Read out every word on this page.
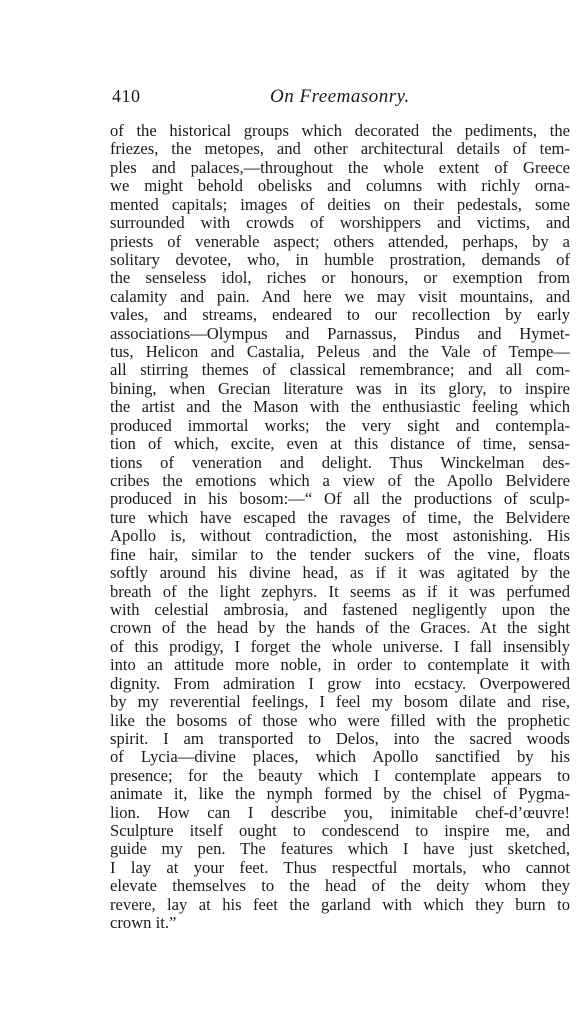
410	On Freemasonry.
of the historical groups which decorated the pediments, the
friezes, the metopes, and other architectural details of tem-
ples and palaces,—throughout the whole extent of Greece
we might behold obelisks and columns with richly orna-
mented capitals; images of deities on their pedestals, some
surrounded with crowds of worshippers and victims, and
priests of venerable aspect; others attended, perhaps, by a
solitary devotee, who, in humble prostration, demands of
the senseless idol, riches or honours, or exemption from
calamity and pain. And here we may visit mountains, and
vales, and streams, endeared to our recollection by early
associations—Olympus and Parnassus, Pindus and Hymet-
tus, Helicon and Castalia, Peleus and the Vale of Tempe—
all stirring themes of classical remembrance; and all com-
bining, when Grecian literature was in its glory, to inspire
the artist and the Mason with the enthusiastic feeling which
produced immortal works; the very sight and contempla-
tion of which, excite, even at this distance of time, sensa-
tions of veneration and delight. Thus Winckelman des-
cribes the emotions which a view of the Apollo Belvidere
produced in his bosom:—“ Of all the productions of sculp-
ture which have escaped the ravages of time, the Belvidere
Apollo is, without contradiction, the most astonishing. His
fine hair, similar to the tender suckers of the vine, floats
softly around his divine head, as if it was agitated by the
breath of the light zephyrs. It seems as if it was perfumed
with celestial ambrosia, and fastened negligently upon the
crown of the head by the hands of the Graces. At the sight
of this prodigy, I forget the whole universe. I fall insensibly
into an attitude more noble, in order to contemplate it with
dignity. From admiration I grow into ecstacy. Overpowered
by my reverential feelings, I feel my bosom dilate and rise,
like the bosoms of those who were filled with the prophetic
spirit. I am transported to Delos, into the sacred woods
of Lycia—divine places, which Apollo sanctified by his
presence; for the beauty which I contemplate appears to
animate it, like the nymph formed by the chisel of Pygma-
lion. How can I describe you, inimitable chef-d’œuvre!
Sculpture itself ought to condescend to inspire me, and
guide my pen. The features which I have just sketched,
I lay at your feet. Thus respectful mortals, who cannot
elevate themselves to the head of the deity whom they
revere, lay at his feet the garland with which they burn to
crown it.”
